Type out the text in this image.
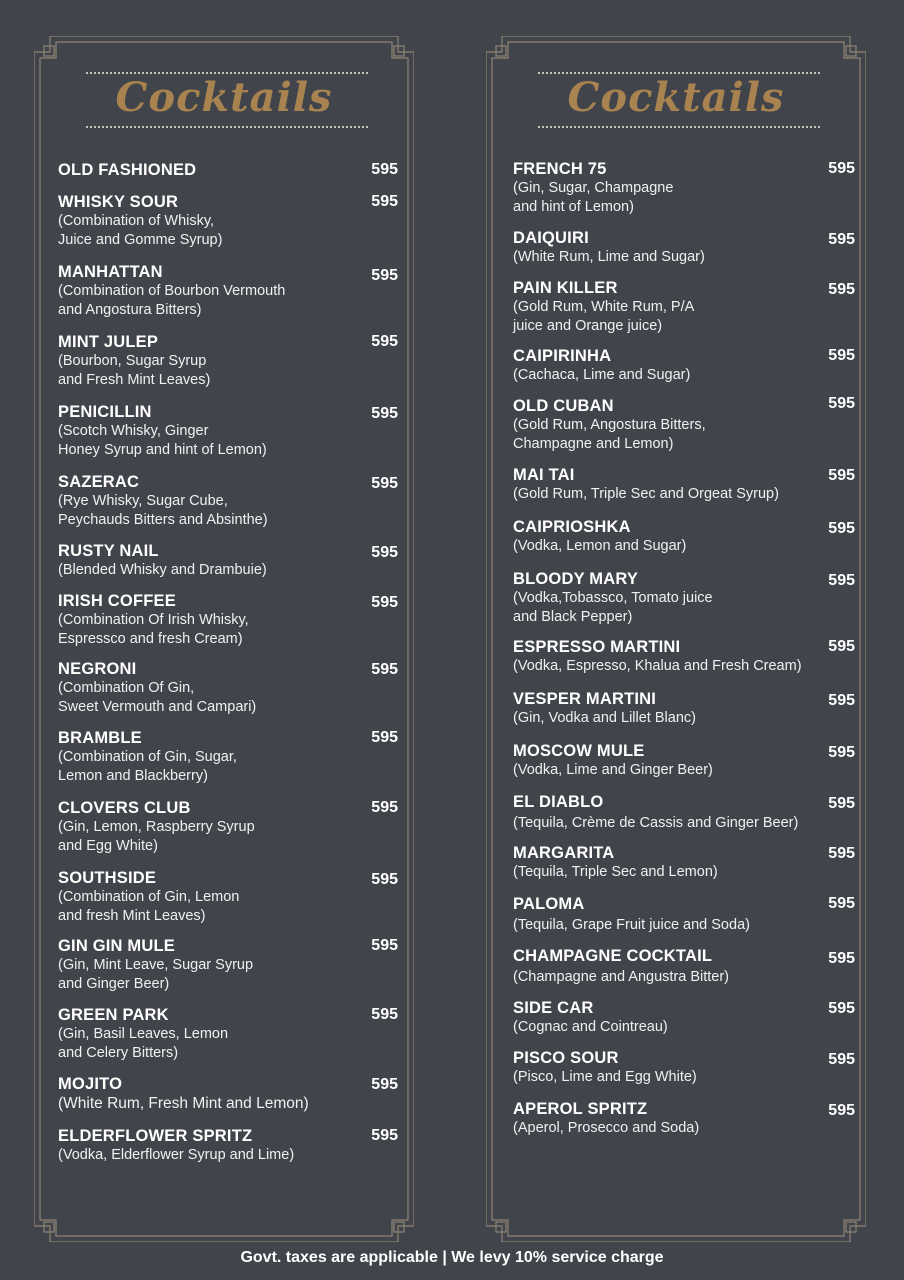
Cocktails
OLD FASHIONED	595
WHISKY SOUR
(Combination of Whisky,
Juice and Gomme Syrup)
595
MANHATTAN
(Combination of Bourbon Vermouth
and Angostura Bitters)
595
MINT JULEP
(Bourbon, Sugar Syrup
and Fresh Mint Leaves)
595
PENICILLIN
(Scotch Whisky, Ginger
Honey Syrup and hint of Lemon)
595
SAZERAC
(Rye Whisky, Sugar Cube,
Peychauds Bitters and Absinthe)
595
RUSTY NAIL
(Blended Whisky and Drambuie)
595
IRISH COFFEE
(Combination Of Irish Whisky,
Espressco and fresh Cream)
595
NEGRONI
(Combination Of Gin,
Sweet Vermouth and Campari)
595
BRAMBLE
(Combination of Gin, Sugar,
Lemon and Blackberry)
595
CLOVERS CLUB
(Gin, Lemon, Raspberry Syrup
and Egg White)
595
SOUTHSIDE
(Combination of Gin, Lemon
and fresh Mint Leaves)
595
GIN GIN MULE
(Gin, Mint Leave, Sugar Syrup
and Ginger Beer)
595
GREEN PARK
(Gin, Basil Leaves, Lemon
and Celery Bitters)
595
MOJITO
(White Rum, Fresh Mint and Lemon)
595
ELDERFLOWER SPRITZ
(Vodka, Elderflower Syrup and Lime)
595
Cocktails
FRENCH 75
(Gin, Sugar, Champagne
and hint of Lemon)
595
DAIQUIRI
(White Rum, Lime and Sugar)
595
PAIN KILLER
(Gold Rum, White Rum, P/A
juice and Orange juice)
595
CAIPIRINHA
(Cachaca, Lime and Sugar)
595
OLD CUBAN
(Gold Rum, Angostura Bitters,
Champagne and Lemon)
595
MAI TAI
(Gold Rum, Triple Sec and Orgeat Syrup)
595
CAIPRIOSHKA
(Vodka, Lemon and Sugar)
595
BLOODY MARY
(Vodka,Tobassco, Tomato juice
and Black Pepper)
595
ESPRESSO MARTINI
(Vodka, Espresso, Khalua and Fresh Cream)
595
VESPER MARTINI
(Gin, Vodka and Lillet Blanc)
595
MOSCOW MULE
(Vodka, Lime and Ginger Beer)
595
EL DIABLO
(Tequila, Crème de Cassis and Ginger Beer)
595
MARGARITA
(Tequila, Triple Sec and Lemon)
595
PALOMA
(Tequila, Grape Fruit juice and Soda)
595
CHAMPAGNE COCKTAIL
(Champagne and Angustra Bitter)
595
SIDE CAR
(Cognac and Cointreau)
595
PISCO SOUR
(Pisco, Lime and Egg White)
595
APEROL SPRITZ
(Aperol, Prosecco and Soda)
595
Govt. taxes are applicable | We levy 10% service charge
